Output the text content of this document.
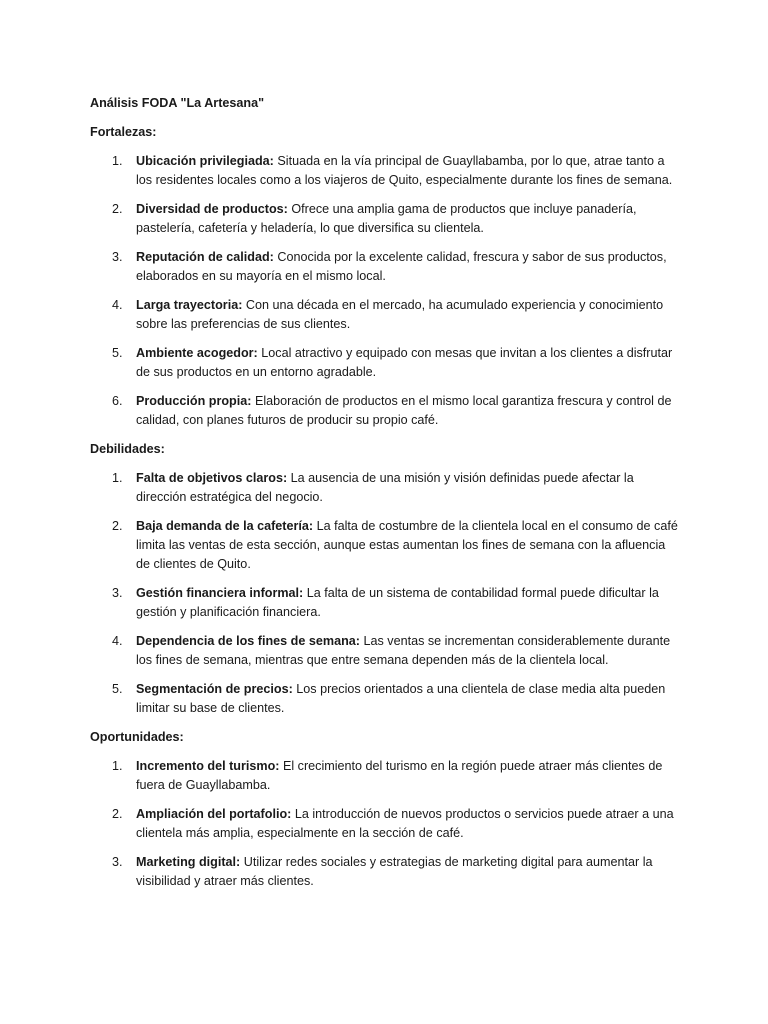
Análisis FODA "La Artesana"
Fortalezas:
1.	Ubicación privilegiada: Situada en la vía principal de Guayllabamba, por lo que, atrae tanto a los residentes locales como a los viajeros de Quito, especialmente durante los fines de semana.
2.	Diversidad de productos: Ofrece una amplia gama de productos que incluye panadería, pastelería, cafetería y heladería, lo que diversifica su clientela.
3.	Reputación de calidad: Conocida por la excelente calidad, frescura y sabor de sus productos, elaborados en su mayoría en el mismo local.
4.	Larga trayectoria: Con una década en el mercado, ha acumulado experiencia y conocimiento sobre las preferencias de sus clientes.
5.	Ambiente acogedor: Local atractivo y equipado con mesas que invitan a los clientes a disfrutar de sus productos en un entorno agradable.
6.	Producción propia: Elaboración de productos en el mismo local garantiza frescura y control de calidad, con planes futuros de producir su propio café.
Debilidades:
1.	Falta de objetivos claros: La ausencia de una misión y visión definidas puede afectar la dirección estratégica del negocio.
2.	Baja demanda de la cafetería: La falta de costumbre de la clientela local en el consumo de café limita las ventas de esta sección, aunque estas aumentan los fines de semana con la afluencia de clientes de Quito.
3.	Gestión financiera informal: La falta de un sistema de contabilidad formal puede dificultar la gestión y planificación financiera.
4.	Dependencia de los fines de semana: Las ventas se incrementan considerablemente durante los fines de semana, mientras que entre semana dependen más de la clientela local.
5.	Segmentación de precios: Los precios orientados a una clientela de clase media alta pueden limitar su base de clientes.
Oportunidades:
1.	Incremento del turismo: El crecimiento del turismo en la región puede atraer más clientes de fuera de Guayllabamba.
2.	Ampliación del portafolio: La introducción de nuevos productos o servicios puede atraer a una clientela más amplia, especialmente en la sección de café.
3.	Marketing digital: Utilizar redes sociales y estrategias de marketing digital para aumentar la visibilidad y atraer más clientes.
